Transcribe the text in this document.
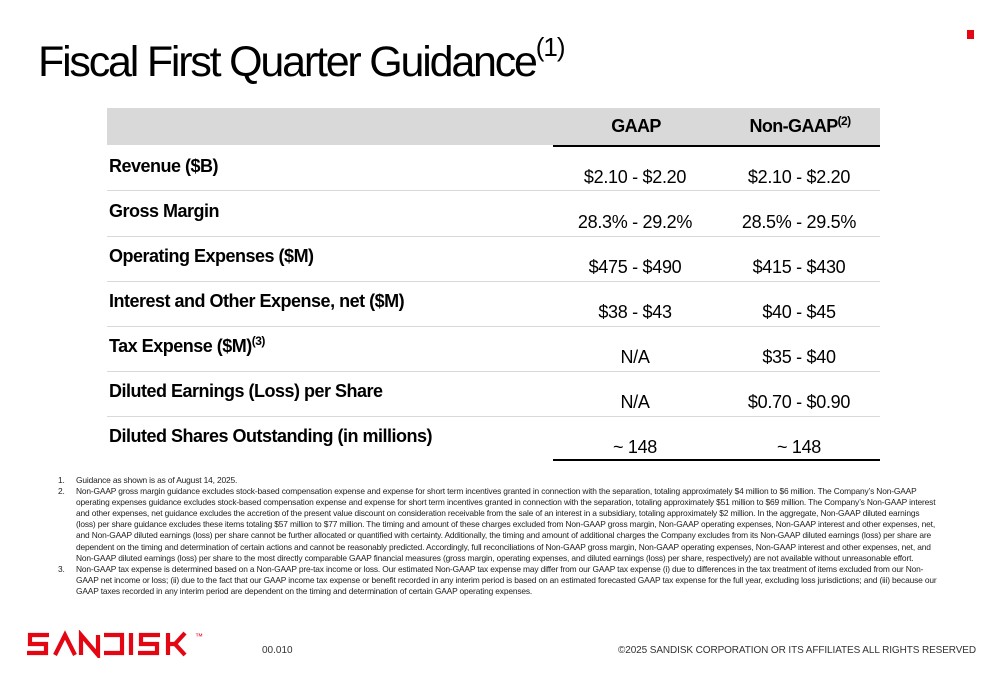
Fiscal First Quarter Guidance$^{(1)}$
GAAP	Non-GAAP$^{(2)}$
Revenue ($B)
$2.10 - $2.20	$2.10 - $2.20
Gross Margin
28.3% - 29.2%	28.5% - 29.5%
Operating Expenses ($M)
$475 - $490	$415 - $430
Interest and Other Expense, net ($M)
$38 - $43	$40 - $45
Tax Expense ($M)$^{(3)}$
N/A	$35 - $40
Diluted Earnings (Loss) per Share
N/A	$0.70 - $0.90
Diluted Shares Outstanding (in millions)
~ 148	~ 148
1.	Guidance as shown is as of August 14, 2025.
2.	Non-GAAP gross margin guidance excludes stock-based compensation expense and expense for short term incentives granted in connection with the separation, totaling approximately $4 million to $6 million. The Company’s Non-GAAP operating expenses guidance excludes stock-based compensation expense and expense for short term incentives granted in connection with the separation, totaling approximately $51 million to $69 million. The Company’s Non-GAAP interest and other expenses, net guidance excludes the accretion of the present value discount on consideration receivable from the sale of an interest in a subsidiary, totaling approximately $2 million. In the aggregate, Non-GAAP diluted earnings (loss) per share guidance excludes these items totaling $57 million to $77 million. The timing and amount of these charges excluded from Non-GAAP gross margin, Non-GAAP operating expenses, Non-GAAP interest and other expenses, net, and Non-GAAP diluted earnings (loss) per share cannot be further allocated or quantified with certainty. Additionally, the timing and amount of additional charges the Company excludes from its Non-GAAP diluted earnings (loss) per share are dependent on the timing and determination of certain actions and cannot be reasonably predicted. Accordingly, full reconciliations of Non-GAAP gross margin, Non-GAAP operating expenses, Non-GAAP interest and other expenses, net, and Non-GAAP diluted earnings (loss) per share to the most directly comparable GAAP financial measures (gross margin, operating expenses, and diluted earnings (loss) per share, respectively) are not available without unreasonable effort.
3.	Non-GAAP tax expense is determined based on a Non-GAAP pre-tax income or loss. Our estimated Non-GAAP tax expense may differ from our GAAP tax expense (i) due to differences in the tax treatment of items excluded from our Non-GAAP net income or loss; (ii) due to the fact that our GAAP income tax expense or benefit recorded in any interim period is based on an estimated forecasted GAAP tax expense for the full year, excluding loss jurisdictions; and (iii) because our GAAP taxes recorded in any interim period are dependent on the timing and determination of certain GAAP operating expenses.
™
SANDISK
00.010	©2025 SANDISK CORPORATION OR ITS AFFILIATES ALL RIGHTS RESERVED
